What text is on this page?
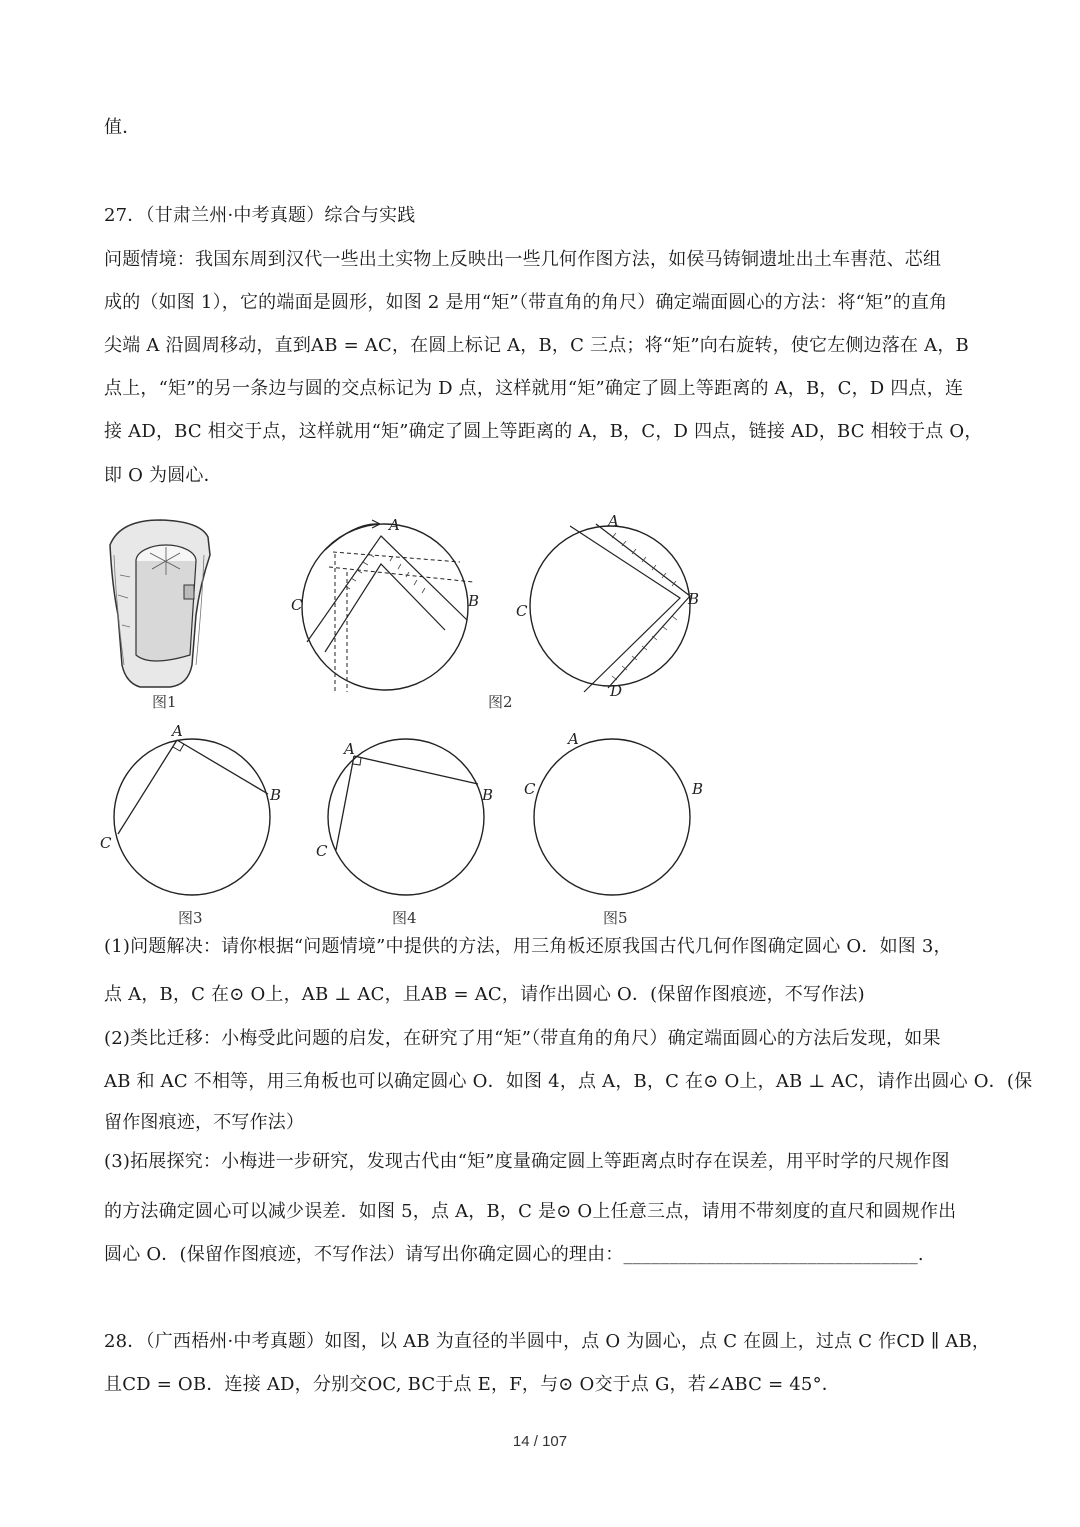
值．
27．（甘肃兰州·中考真题）综合与实践
问题情境：我国东周到汉代一些出土实物上反映出一些几何作图方法，如侯马铸铜遗址出土车軎范、芯组
成的（如图 1），它的端面是圆形，如图 2 是用“矩”（带直角的角尺）确定端面圆心的方法：将“矩”的直角
尖端 A 沿圆周移动，直到AB = AC，在圆上标记 A，B，C 三点；将“矩”向右旋转，使它左侧边落在 A，B
点上，“矩”的另一条边与圆的交点标记为 D 点，这样就用“矩”确定了圆上等距离的 A，B，C，D 四点，连
接 AD，BC 相交于点，这样就用“矩”确定了圆上等距离的 A，B，C，D 四点，链接 AD，BC 相较于点 O，
即 O 为圆心．
图1
A
C	B
图2
A
C
B
D
A
B
C
图3
A
B
C
图4
A
B
C
图5
(1)问题解决：请你根据“问题情境”中提供的方法，用三角板还原我国古代几何作图确定圆心 O．如图 3，
点 A，B，C 在⊙ O上，AB ⊥ AC，且AB = AC，请作出圆心 O．(保留作图痕迹，不写作法)
(2)类比迁移：小梅受此问题的启发，在研究了用“矩”（带直角的角尺）确定端面圆心的方法后发现，如果
AB 和 AC 不相等，用三角板也可以确定圆心 O．如图 4，点 A，B，C 在⊙ O上，AB ⊥ AC，请作出圆心 O．(保
留作图痕迹，不写作法）
(3)拓展探究：小梅进一步研究，发现古代由“矩”度量确定圆上等距离点时存在误差，用平时学的尺规作图
的方法确定圆心可以减少误差．如图 5，点 A，B，C 是⊙ O上任意三点，请用不带刻度的直尺和圆规作出
圆心 O．(保留作图痕迹，不写作法）请写出你确定圆心的理由：________________________________.
28．（广西梧州·中考真题）如图，以 AB 为直径的半圆中，点 O 为圆心，点 C 在圆上，过点 C 作CD ∥ AB，
且CD = OB．连接 AD，分别交OC, BC于点 E，F，与⊙ O交于点 G，若∠ABC = 45°．
14 / 107
